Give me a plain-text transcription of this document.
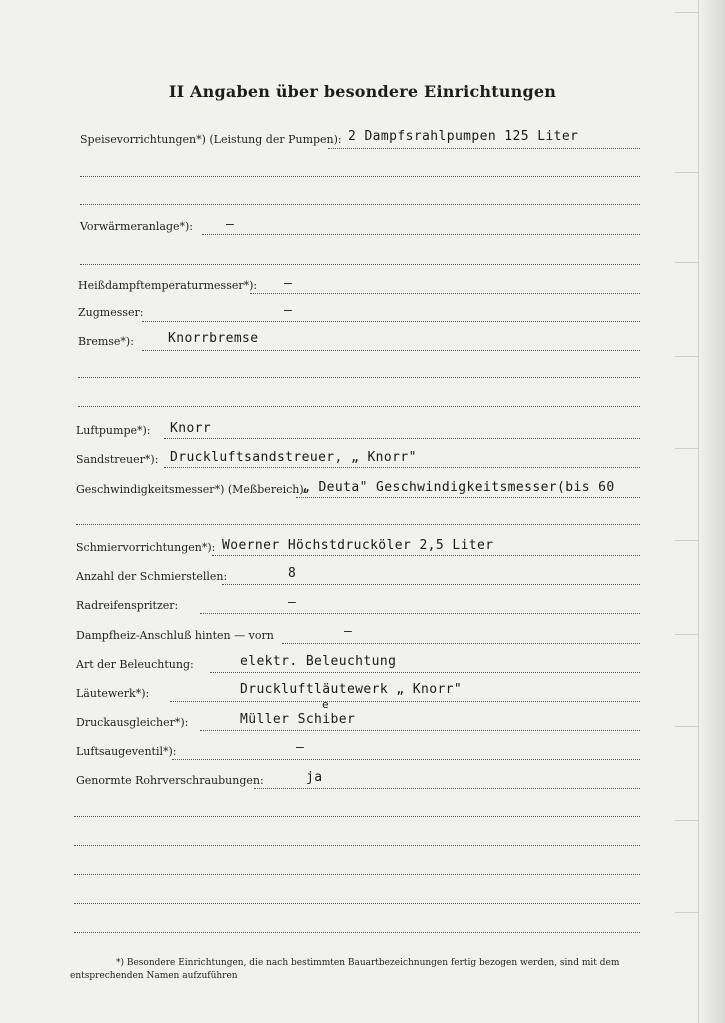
II Angaben über besondere Einrichtungen
Speisevorrichtungen*) (Leistung der Pumpen): 2 Dampfsrahlpumpen 125 Liter
Vorwärmeranlage*):	–
Heißdampftemperaturmesser*): –
Zugmesser:	–
Bremse*):	Knorrbremse
Luftpumpe*): Knorr
Sandstreuer*): Druckluftsandstreuer, „ Knorr"
Geschwindigkeitsmesser*) (Meßbereich):
„ Deuta" Geschwindigkeitsmesser(bis 60
Schmiervorrichtungen*): Woerner Höchstdrucköler 2,5 Liter
Anzahl der Schmierstellen:	8
Radreifenspritzer:	–
Dampfheiz-Anschluß hinten — vorn	–
Art der Beleuchtung:	elektr. Beleuchtung
Läutewerk*):	Druckluftläutewerk „ Knorr"
Druckausgleicher*):	Müller Schiber
e
Luftsaugeventil*):	–
Genormte Rohrverschraubungen:	ja
*) Besondere Einrichtungen, die nach bestimmten Bauartbezeichnungen fertig bezogen werden, sind mit dem
entsprechenden Namen aufzuführen
